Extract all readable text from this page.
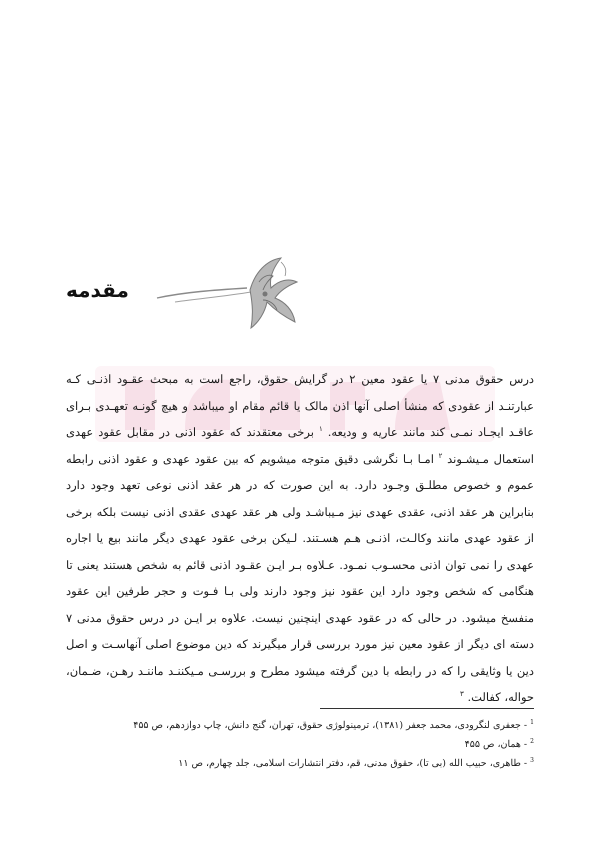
مقدمه

درس حقوق مدنی ۷ یا عقود معین ۲ در گرایش حقوق، راجع است به مبحث عقـود اذنـی کـه عبارتنـد از عقودی که منشأ اصلی آنها اذن مالک یا قائم مقام او میباشد و هیچ گونـه تعهـدی بـرای عاقـد ایجـاد نمـی کند مانند عاریه و ودیعه. $^۱$ برخی معتقدند که عقود اذنی در مقابل عقود عهدی استعمال مـیشـوند $^۲$ امـا بـا نگرشی دقیق متوجه میشویم که بین عقود عهدی و عقود اذنی رابطه عموم و خصوص مطلـق وجـود دارد. به این صورت که در هر عقد اذنی نوعی تعهد وجود دارد بنابراین هر عقد اذنی، عقدی عهدی نیز مـیباشـد ولی هر عقد عهدی عقدی اذنی نیست بلکه برخی از عقود عهدی مانند وکالـت، اذنـی هـم هسـتند. لـیکن برخی عقود عهدی دیگر مانند بیع یا اجاره عهدی را نمی توان اذنی محسـوب نمـود. عـلاوه بـر ایـن عقـود اذنی قائم به شخص هستند یعنی تا هنگامی که شخص وجود دارد این عقود نیز وجود دارند ولی بـا فـوت و حجر طرفین این عقود منفسخ میشود. در حالی که در عقود عهدی اینچنین نیست. علاوه بر ایـن در درس حقوق مدنی ۷ دسته ای دیگر از عقود معین نیز مورد بررسی قرار میگیرند که دین موضوع اصلی آنهاسـت و اصل دین یا وثایقی را که در رابطه با دین گرفته میشود مطرح و بررسـی مـیکننـد ماننـد رهـن، ضـمان، حواله، کفالت. $^۳$

$^1$ - جعفری لنگرودی، محمد جعفر (۱۳۸۱)، ترمینولوژی حقوق، تهران، گنج دانش، چاپ دوازدهم، ص ۴۵۵

$^2$ - همان، ص ۴۵۵

$^3$ - طاهری، حبیب الله (بی تا)، حقوق مدنی، قم، دفتر انتشارات اسلامی، جلد چهارم، ص ۱۱
